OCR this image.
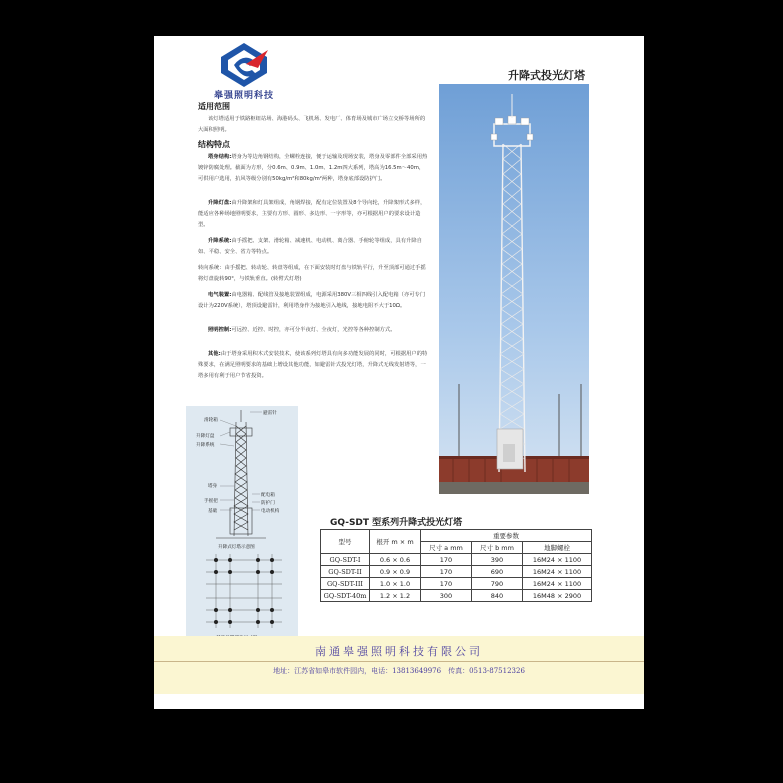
皋强照明科技
升降式投光灯塔
适用范围
该灯塔适用于铁路枢纽站场、海港码头、飞机场、发电厂、体育场及城市广场立交桥等场所的大面积照明。
结构特点
塔身结构:塔身为等边角钢结构，全螺栓连接，便于运输及现场安装，塔身及零部件全部采用热镀锌防腐处理。截面为方形，分0.6m、0.9m、1.0m、1.2m四大系列，塔高为16.5m～40m，可供用户选用，抗风等级分别有50kg/m²和80kg/m²两种，塔身底部设防护门。
升降灯盘:由升降架和灯具架组成，角钢焊接，配有定位装置及8个导向轮，升降架形式多样，能适应各种场地照明要求，主要有方形、圆形、多边形、一字形等，亦可根据用户的要求设计造型。
升降系统:由手摇把、支架、滑轮箱、减速机、电动机、离合器、手俯轮等组成，具有升降自如、平稳、安全、省力等特点。
转向系统：由手摇把、转动轮、转盘等组成，在下面安装时灯盘与铁轨平行，升至顶部可通过手摇将灯盘旋转90°，与铁轨垂直。(转臂式灯塔)
电气装置:由电器箱、配线管及接地装置组成，电源采用380V三相四线引入配电箱（亦可专门设计为220V系统），塔顶设避雷针，利用塔身作为接地引入地线，接地电阻不大于10Ω。
照明控制:可远控、近控、时控，亦可分半夜灯、全夜灯，光控等各种控制方式。
其他:由于塔身采用积木式安装技术，使该系列灯塔具有向多功能发展的同时，可根据用户的特殊要求，在满足照明要求的基础上增设其他功能，如避雷针式投光灯塔，升降式无线发射塔等，一塔多用有利于用户节省投资。
滑轮箱
避雷针
升降灯盘
升降系统
塔身
配电箱
手摇把	防护门
电动机构
基础
升降式灯塔示意图
GQ-SDT 型系列升降式投光灯塔
型号	根开 m × m	重要参数		
		尺寸 a mm	尺寸 b mm	地脚螺栓
GQ-SDT-I	0.6 × 0.6	170	390	16M24 × 1100
GQ-SDT-II	0.9 × 0.9	170	690	16M24 × 1100
GQ-SDT-III	1.0 × 1.0	170	790	16M24 × 1100
GQ-SDT-40m	1.2 × 1.2	300	840	16M48 × 2900
南通皋强照明科技有限公司
地址：江苏省如皋市软件园内，电话：13813649976　传真：0513-87512326
